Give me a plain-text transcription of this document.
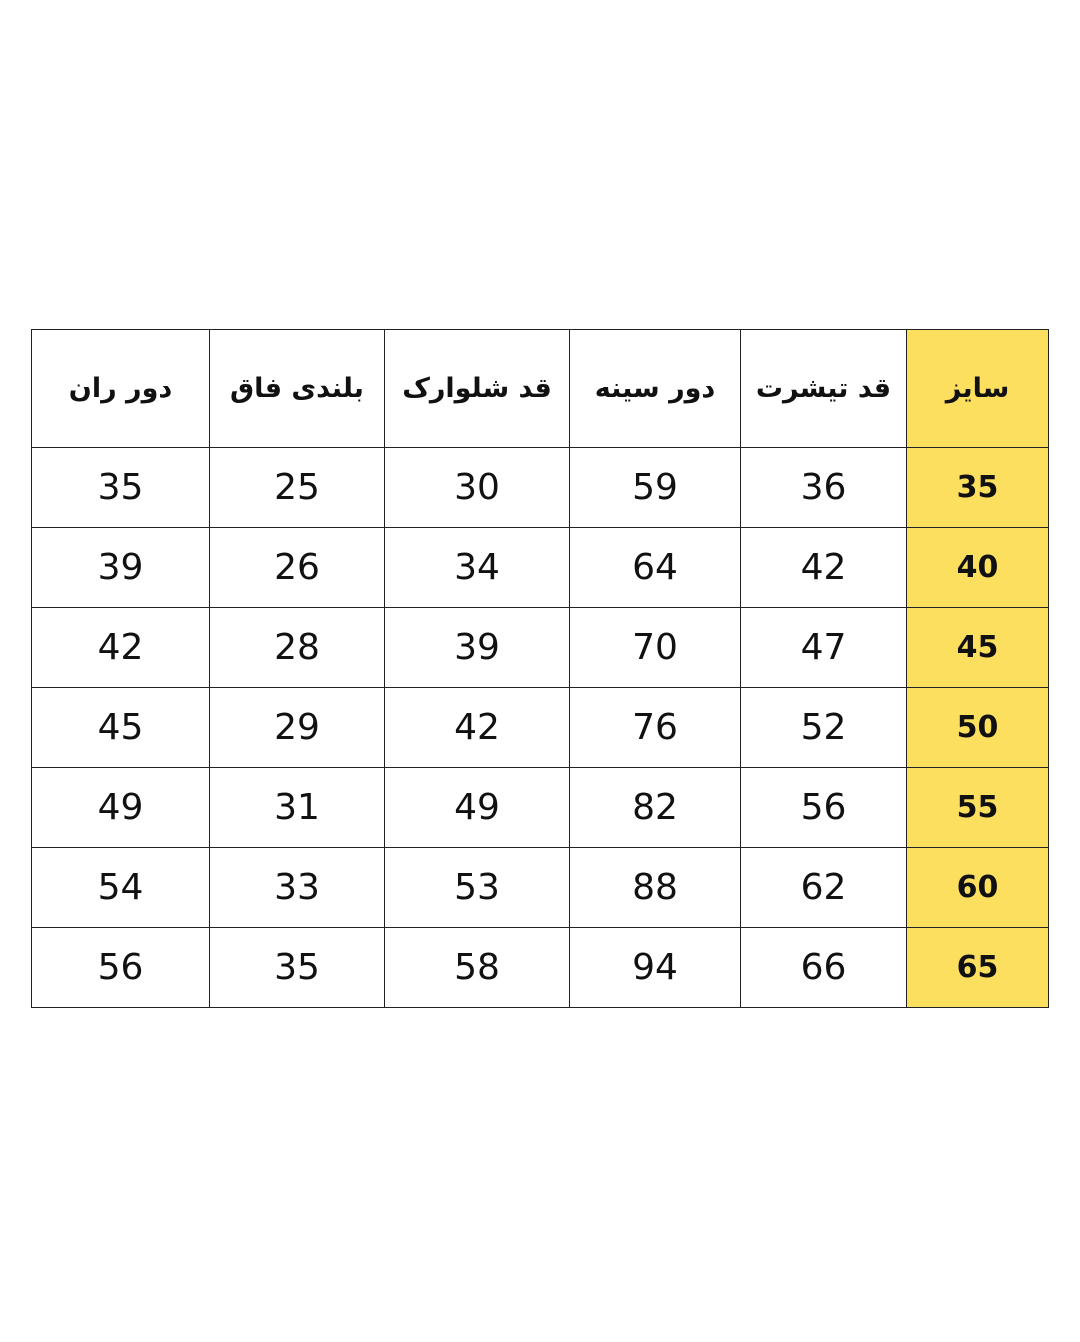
دور ران	بلندی فاق	قد شلوارک	دور سینه	قد تیشرت	سایز
35	25	30	59	36	35
39	26	34	64	42	40
42	28	39	70	47	45
45	29	42	76	52	50
49	31	49	82	56	55
54	33	53	88	62	60
56	35	58	94	66	65
